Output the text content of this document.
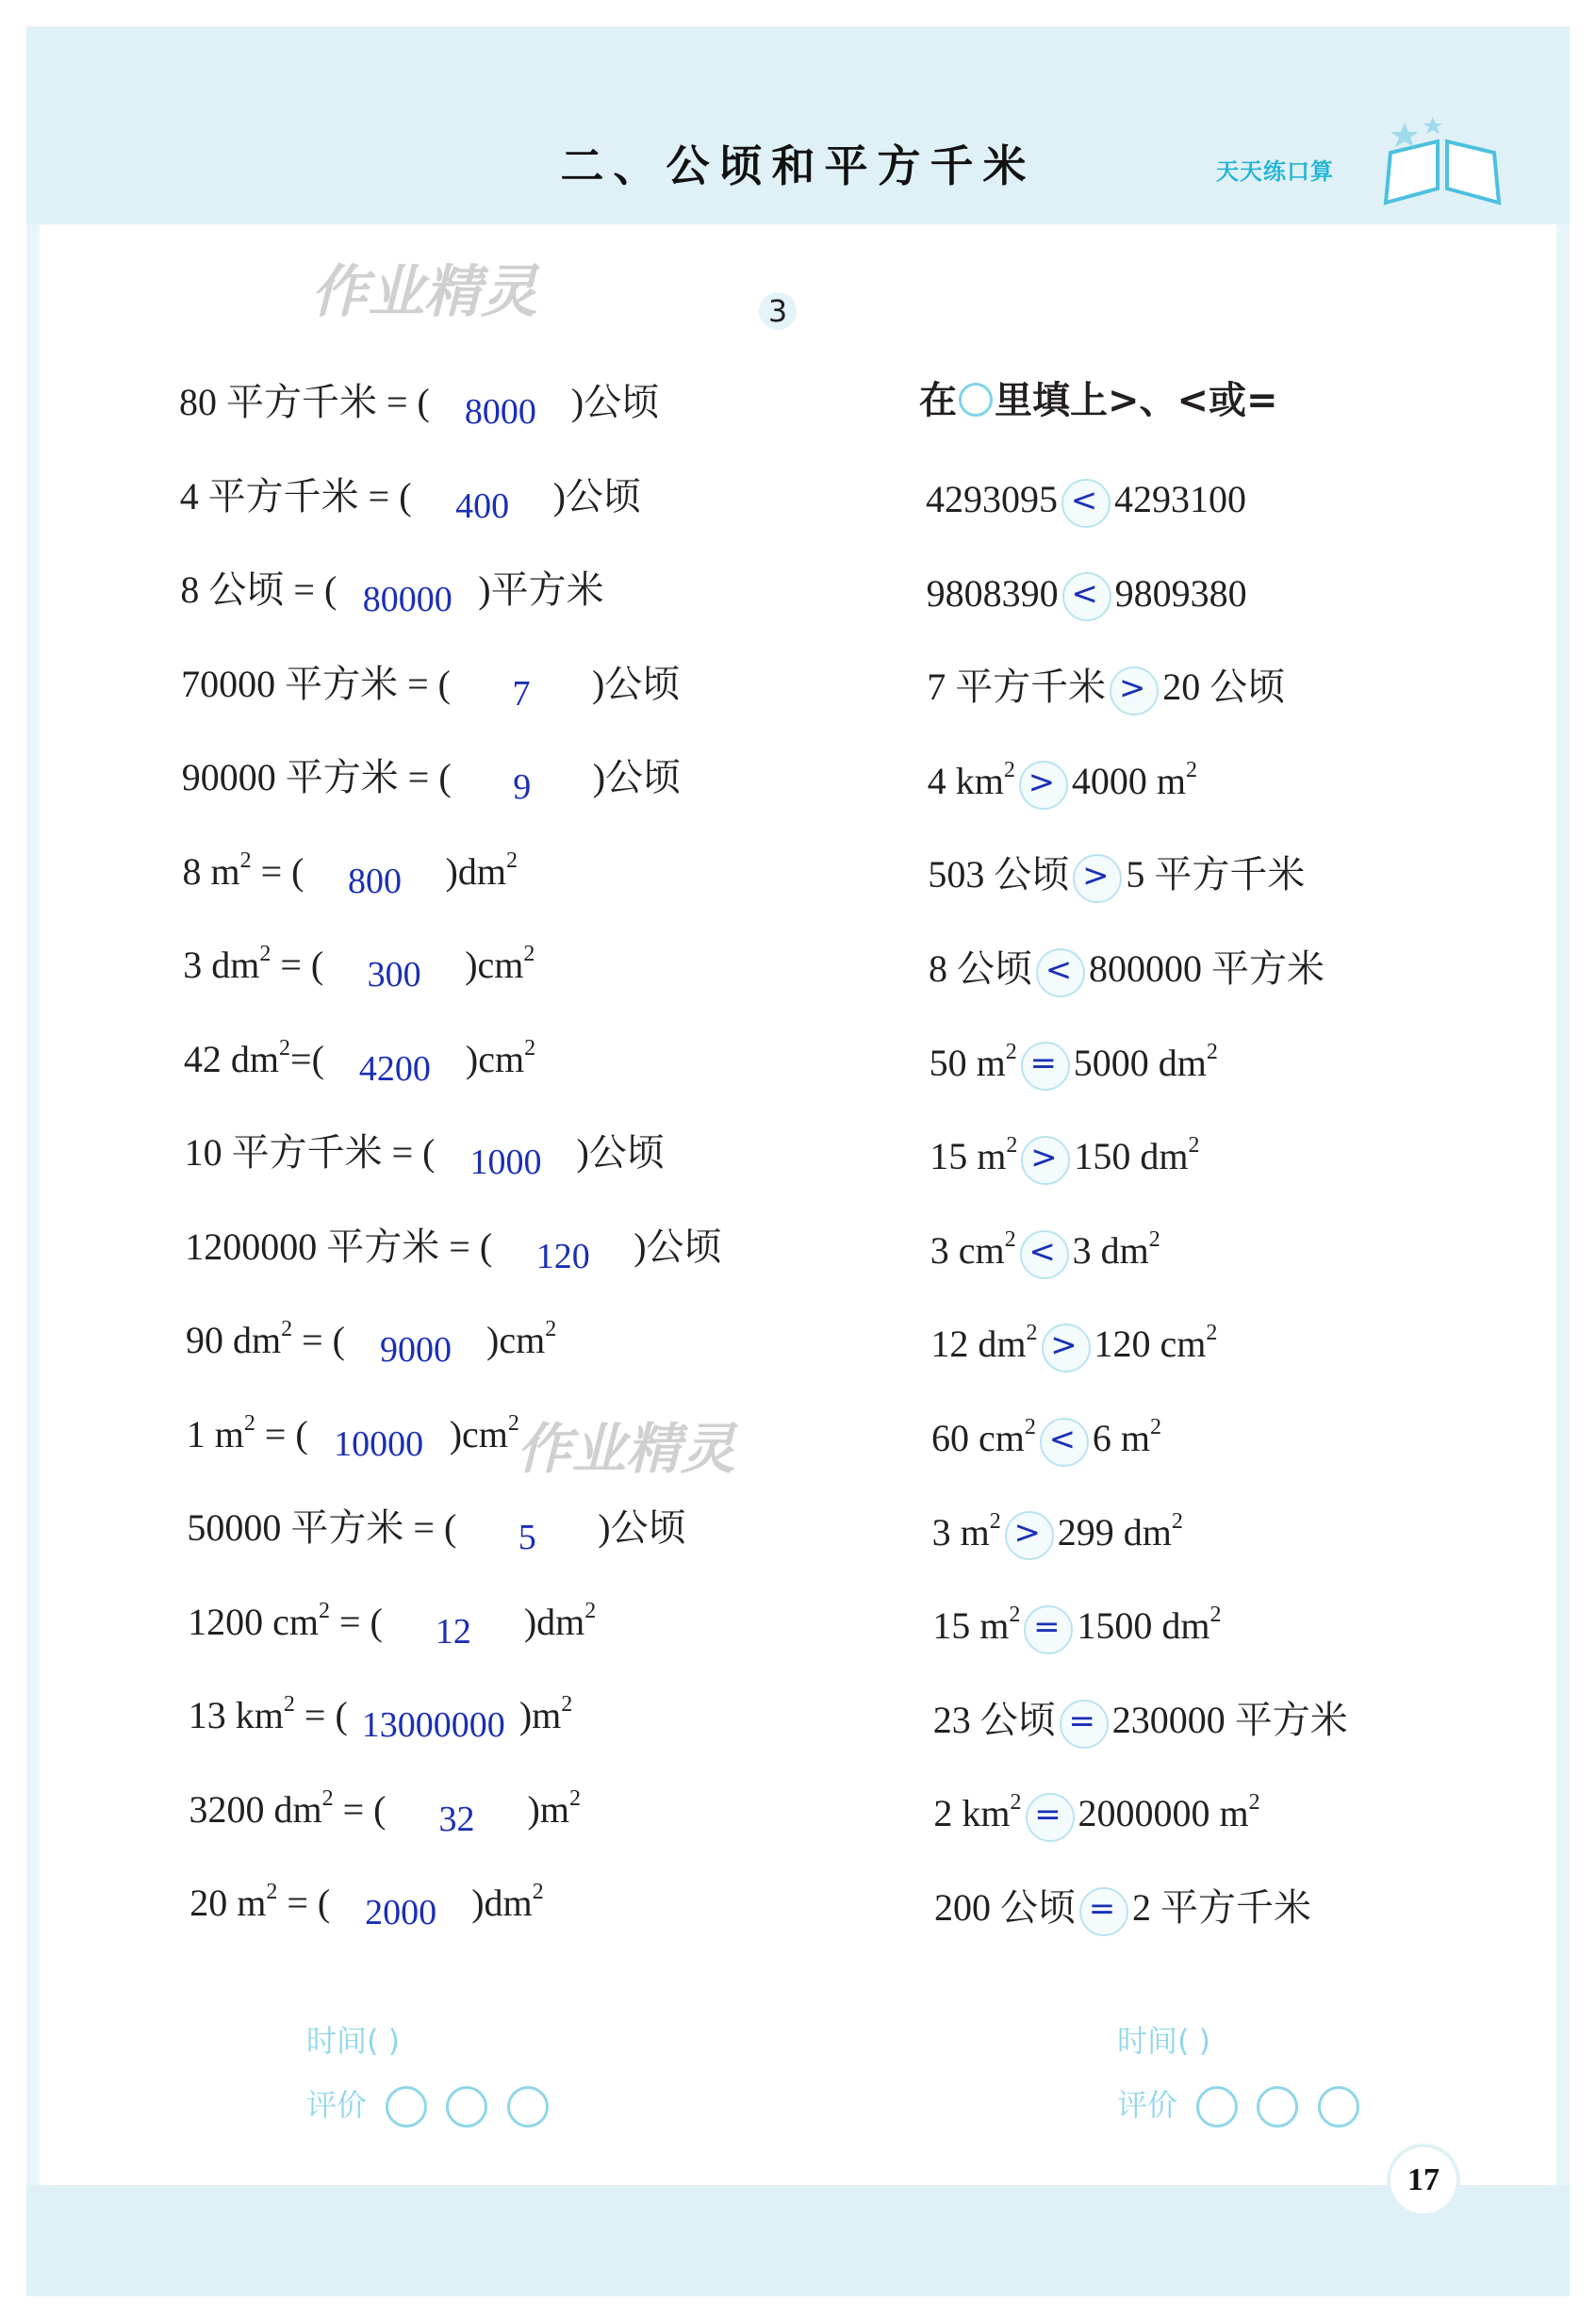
二、公顷和平方千米	天天练口算
作业精灵
作业精灵
3
80 平方千米 = ( 8000 )公顷
4 平方千米 = (	400	)公顷
8 公顷 = ( 80000 )平方米
70000 平方米 = (	7	)公顷
90000 平方米 = (	9	)公顷
8 $m^2$ = (	800	)$dm^2$
3 $dm^2$ = (	300	)$cm^2$
42 $dm^2=$( 4200 )$cm^2$
10 平方千米 = ( 1000 )公顷
1200000 平方米 = (	120	)公顷
90 $dm^2$ = ( 9000 )$cm^2$
1 $m^2$ = ( 10000 )$cm^2$
50000 平方米 = (	5	)公顷
1200 $cm^2$ = (	12	)$dm^2$
13 $km^2$ = ( 13000000 )$m^2$
3200 $dm^2$ = (	32	)$m^2$
20 $m^2$ = ( 2000 )$dm^2$
在 里填上>、<或=
4293095 < 4293100
9808390 < 9809380
7 平方千米 > 20 公顷
4 $km^2 > 4000$ $m^2$
503 公顷 > 5 平方千米
8 公顷 < 800000 平方米
50 $m^2 = 5000$ $dm^2$
15 $m^2 > 150$ $dm^2$
3 $cm^2 < 3$ $dm^2$
12 $dm^2 > 120$ $cm^2$
60 $cm^2 < 6$ $m^2$
3 $m^2 > 299$ $dm^2$
15 $m^2 = 1500$ $dm^2$
23 公顷 = 230000 平方米
2 $km^2 = 2000000$ $m^2$
200 公顷 = 2 平方千米
时间( )
评价
时间( )
评价
17
